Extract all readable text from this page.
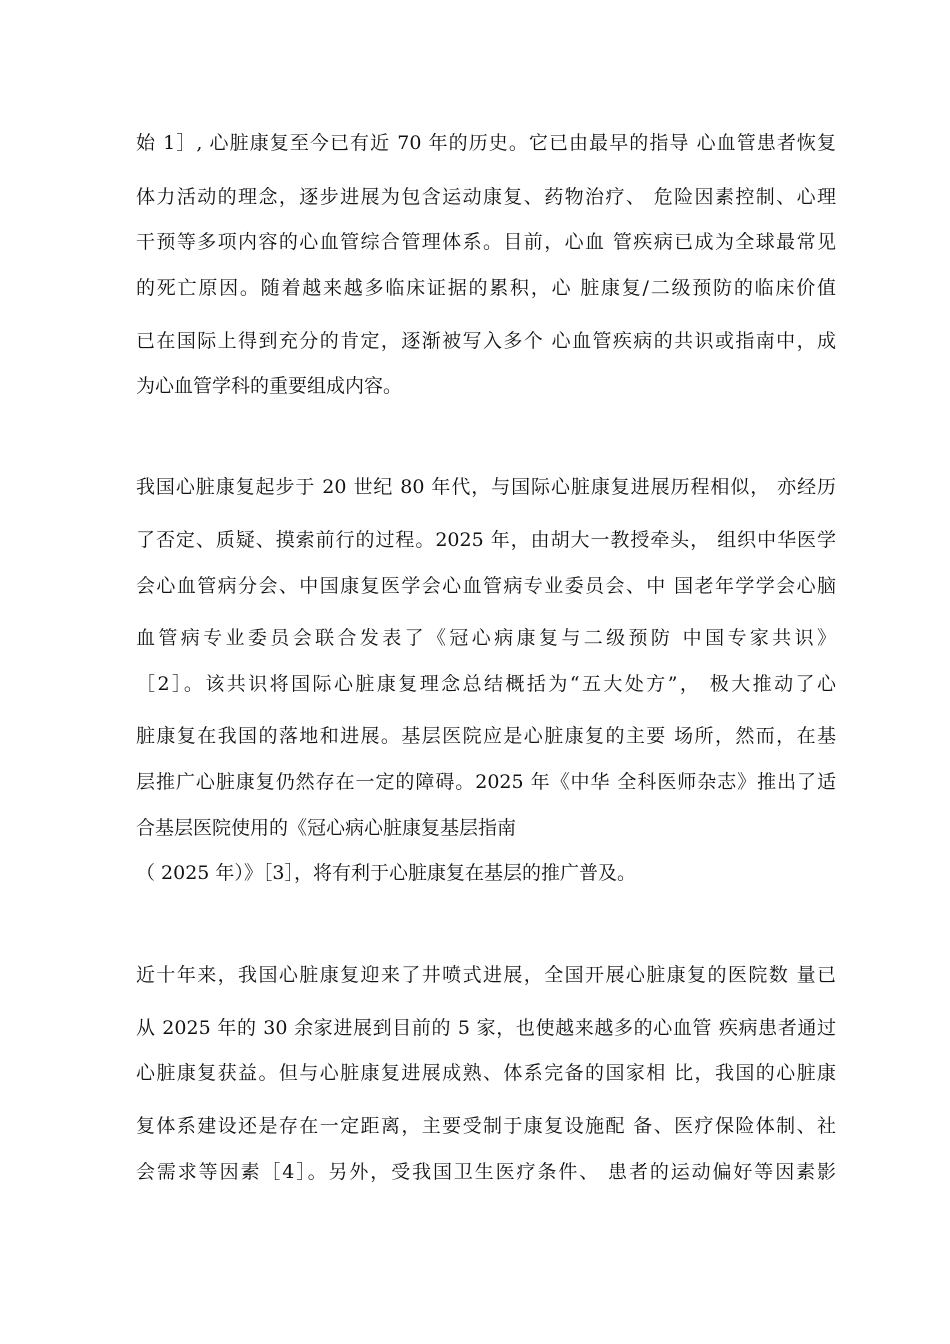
始 1］, 心脏康复至今已有近 70 年的历史。它已由最早的指导 心血管患者恢复
体力活动的理念，逐步进展为包含运动康复、药物治疗、 危险因素控制、心理
干预等多项内容的心血管综合管理体系。目前，心血 管疾病已成为全球最常见
的死亡原因。随着越来越多临床证据的累积，心 脏康复/二级预防的临床价值
已在国际上得到充分的肯定，逐渐被写入多个 心血管疾病的共识或指南中，成
为心血管学科的重要组成内容。
我国心脏康复起步于 20 世纪 80 年代，与国际心脏康复进展历程相似， 亦经历
了否定、质疑、摸索前行的过程。2025 年，由胡大一教授牵头， 组织中华医学
会心血管病分会、中国康复医学会心血管病专业委员会、中 国老年学学会心脑
血管病专业委员会联合发表了《冠心病康复与二级预防 中国专家共识》
［2］。该共识将国际心脏康复理念总结概括为“五大处方”， 极大推动了心
脏康复在我国的落地和进展。基层医院应是心脏康复的主要 场所，然而，在基
层推广心脏康复仍然存在一定的障碍。2025 年《中华 全科医师杂志》推出了适
合基层医院使用的《冠心病心脏康复基层指南
（ 2025 年）》［3］，将有利于心脏康复在基层的推广普及。
近十年来，我国心脏康复迎来了井喷式进展，全国开展心脏康复的医院数 量已
从 2025 年的 30 余家进展到目前的 5 家，也使越来越多的心血管 疾病患者通过
心脏康复获益。但与心脏康复进展成熟、体系完备的国家相 比，我国的心脏康
复体系建设还是存在一定距离，主要受制于康复设施配 备、医疗保险体制、社
会需求等因素［4］。另外，受我国卫生医疗条件、 患者的运动偏好等因素影
